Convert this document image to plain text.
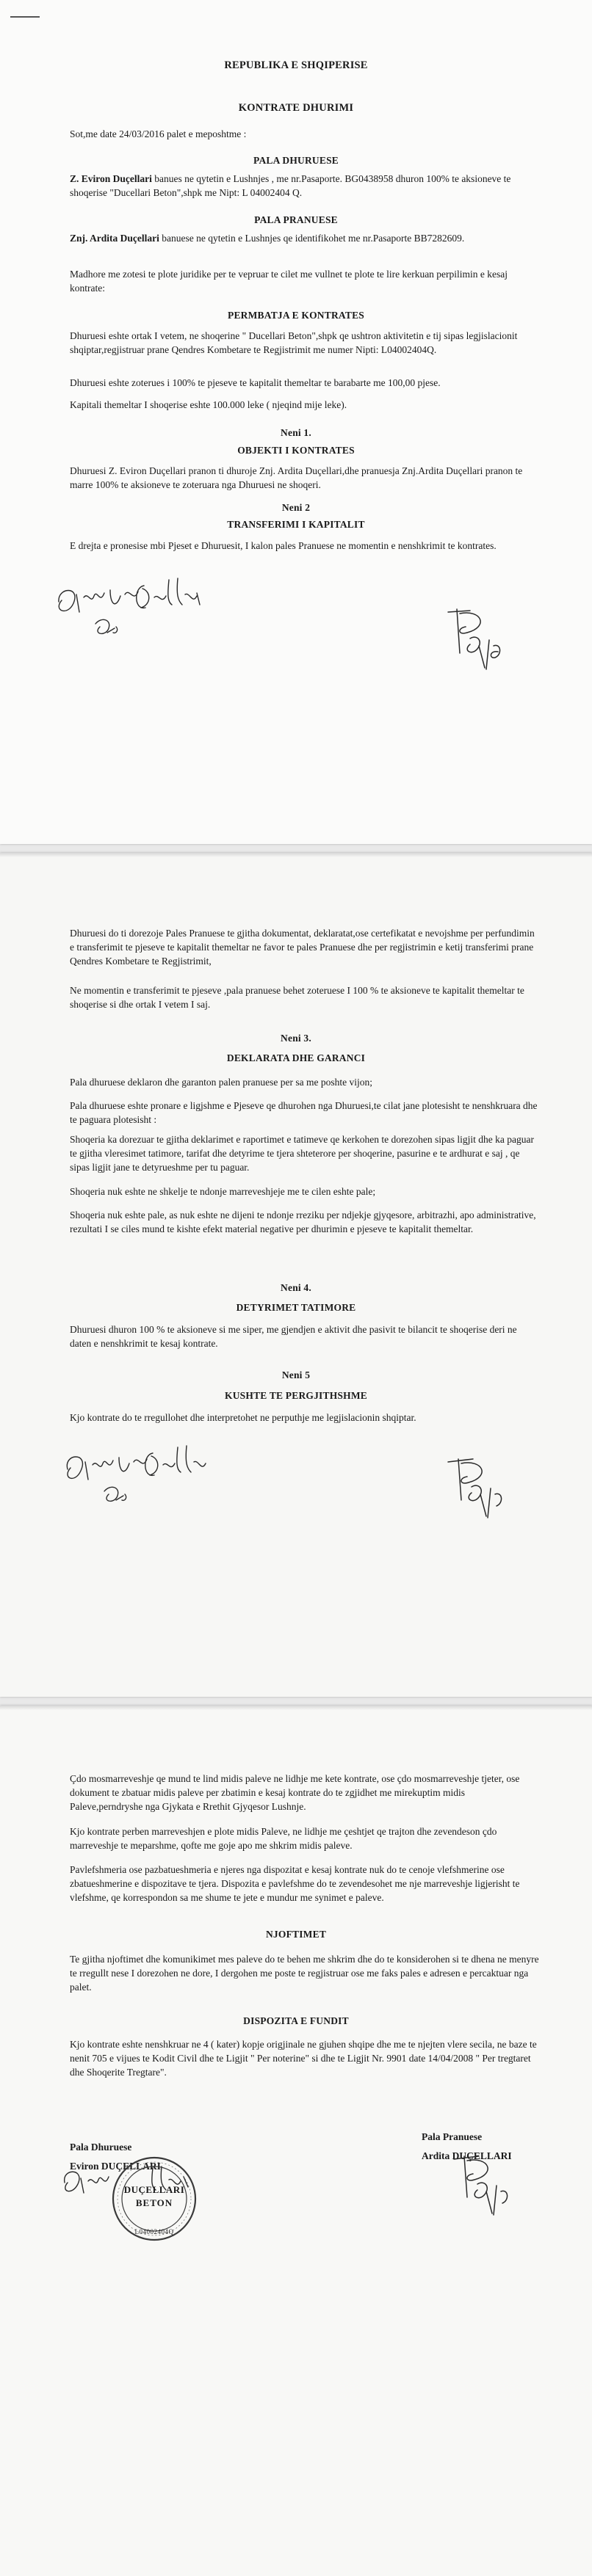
REPUBLIKA E SHQIPERISE

KONTRATE DHURIMI

Sot,me date 24/03/2016 palet e meposhtme :

PALA DHURUESE

Z. Eviron Duçellari banues ne qytetin e Lushnjes , me nr.Pasaporte. BG0438958 dhuron 100% te aksioneve te shoqerise "Ducellari Beton",shpk me Nipt: L 04002404 Q.

PALA PRANUESE

Znj. Ardita Duçellari banuese ne qytetin e Lushnjes qe identifikohet me nr.Pasaporte BB7282609.

Madhore me zotesi te plote juridike per te vepruar te cilet me vullnet te plote te lire kerkuan perpilimin e kesaj kontrate:

PERMBATJA E KONTRATES

Dhuruesi eshte ortak I vetem, ne shoqerine " Ducellari Beton",shpk qe ushtron aktivitetin e tij sipas legjislacionit shqiptar,regjistruar prane Qendres Kombetare te Regjistrimit me numer Nipti: L04002404Q.

Dhuruesi eshte zoterues i 100% te pjeseve te kapitalit themeltar te barabarte me 100,00 pjese.

Kapitali themeltar I shoqerise eshte 100.000 leke ( njeqind mije leke).

Neni 1.

OBJEKTI I KONTRATES

Dhuruesi Z. Eviron Duçellari pranon ti dhuroje Znj. Ardita Duçellari,dhe pranuesja Znj.Ardita Duçellari pranon te marre 100% te aksioneve te zoteruara nga Dhuruesi ne shoqeri.

Neni 2

TRANSFERIMI I KAPITALIT

E drejta e pronesise mbi Pjeset e Dhuruesit, I kalon pales Pranuese ne momentin e nenshkrimit te kontrates.

Dhuruesi do ti dorezoje Pales Pranuese te gjitha dokumentat, deklaratat,ose certefikatat e nevojshme per perfundimin e transferimit te pjeseve te kapitalit themeltar ne favor te pales Pranuese dhe per regjistrimin e ketij transferimi prane Qendres Kombetare te Regjistrimit,

Ne momentin e transferimit te pjeseve ,pala pranuese behet zoteruese I 100 % te aksioneve te kapitalit themeltar te shoqerise si dhe ortak I vetem I saj.

Neni 3.

DEKLARATA DHE GARANCI

Pala dhuruese deklaron dhe garanton palen pranuese per sa me poshte vijon;

Pala dhuruese eshte pronare e ligjshme e Pjeseve qe dhurohen nga Dhuruesi,te cilat jane plotesisht te nenshkruara dhe te paguara plotesisht :

Shoqeria ka dorezuar te gjitha deklarimet e raportimet e tatimeve qe kerkohen te dorezohen sipas ligjit dhe ka paguar te gjitha vleresimet tatimore, tarifat dhe detyrime te tjera shteterore per shoqerine, pasurine e te ardhurat e saj , qe sipas ligjit jane te detyrueshme per tu paguar.

Shoqeria nuk eshte ne shkelje te ndonje marreveshjeje me te cilen eshte pale;

Shoqeria nuk eshte pale, as nuk eshte ne dijeni te ndonje rreziku per ndjekje gjyqesore, arbitrazhi, apo administrative, rezultati I se ciles mund te kishte efekt material negative per dhurimin e pjeseve te kapitalit themeltar.

Neni 4.

DETYRIMET TATIMORE

Dhuruesi dhuron 100 % te aksioneve si me siper, me gjendjen e aktivit dhe pasivit te bilancit te shoqerise deri ne daten e nenshkrimit te kesaj kontrate.

Neni 5

KUSHTE TE PERGJITHSHME

Kjo kontrate do te rregullohet dhe interpretohet ne perputhje me legjislacionin shqiptar.

Çdo mosmarreveshje qe mund te lind midis paleve ne lidhje me kete kontrate, ose çdo mosmarreveshje tjeter, ose dokument te zbatuar midis paleve per zbatimin e kesaj kontrate do te zgjidhet me mirekuptim midis Paleve,perndryshe nga Gjykata e Rrethit Gjyqesor Lushnje.

Kjo kontrate perben marreveshjen e plote midis Paleve, ne lidhje me çeshtjet qe trajton dhe zevendeson çdo marreveshje te meparshme, qofte me goje apo me shkrim midis paleve.

Pavlefshmeria ose pazbatueshmeria e njeres nga dispozitat e kesaj kontrate nuk do te cenoje vlefshmerine ose zbatueshmerine e dispozitave te tjera. Dispozita e pavlefshme do te zevendesohet me nje marreveshje ligjerisht te vlefshme, qe korrespondon sa me shume te jete e mundur me synimet e paleve.

NJOFTIMET

Te gjitha njoftimet dhe komunikimet mes paleve do te behen me shkrim dhe do te konsiderohen si te dhena ne menyre te rregullt nese I dorezohen ne dore, I dergohen me poste te regjistruar ose me faks pales e adresen e percaktuar nga palet.

DISPOZITA E FUNDIT

Kjo kontrate eshte nenshkruar ne 4 ( kater) kopje origjinale ne gjuhen shqipe dhe me te njejten vlere secila, ne baze te nenit 705 e vijues te Kodit Civil dhe te Ligjit " Per noterine" si dhe te Ligjit Nr. 9901 date 14/04/2008 " Per tregtaret dhe Shoqerite Tregtare".

Pala Dhuruese

Eviron DUÇELLARI

Pala Pranuese

Ardita DUÇELLARI

DUÇELLARI
BETON
L04002404Q
